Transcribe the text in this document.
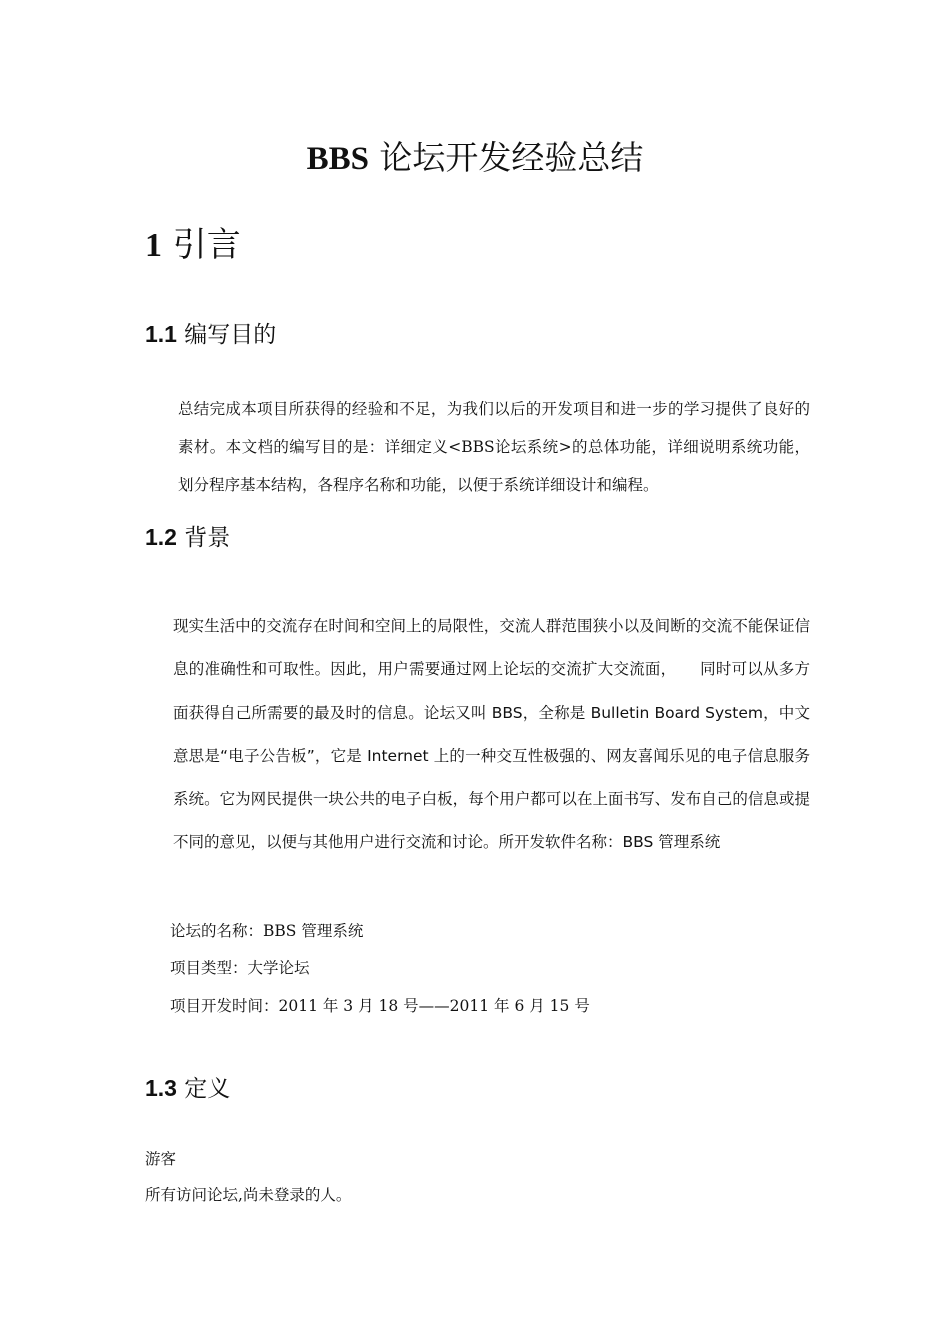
BBS 论坛开发经验总结
1 引言
1.1 编写目的
总结完成本项目所获得的经验和不足，为我们以后的开发项目和进一步的学习提供了良好的素材。本文档的编写目的是：详细定义<BBS论坛系统>的总体功能，详细说明系统功能，划分程序基本结构，各程序名称和功能，以便于系统详细设计和编程。
1.2 背景
现实生活中的交流存在时间和空间上的局限性，交流人群范围狭小以及间断的交流不能保证信息的准确性和可取性。因此，用户需要通过网上论坛的交流扩大交流面，　　同时可以从多方面获得自己所需要的最及时的信息。论坛又叫 BBS，全称是 Bulletin Board System，中文意思是“电子公告板”，它是 Internet 上的一种交互性极强的、网友喜闻乐见的电子信息服务系统。它为网民提供一块公共的电子白板，每个用户都可以在上面书写、发布自己的信息或提不同的意见，以便与其他用户进行交流和讨论。所开发软件名称：BBS 管理系统
论坛的名称：BBS 管理系统
项目类型：大学论坛
项目开发时间：2011 年 3 月 18 号——2011 年 6 月 15 号
1.3 定义
游客
所有访问论坛,尚未登录的人。
